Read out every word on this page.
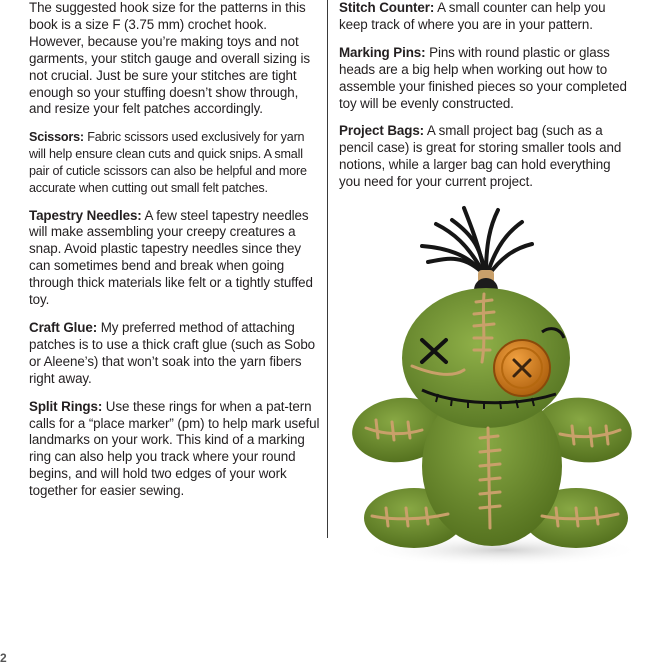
The suggested hook size for the patterns in this book is a size F (3.75 mm) crochet hook. However, because you’re making toys and not garments, your stitch gauge and overall sizing is not crucial. Just be sure your stitches are tight enough so your stuffing doesn’t show through, and resize your felt patches accordingly.

Scissors: Fabric scissors used exclusively for yarn will help ensure clean cuts and quick snips. A small pair of cuticle scissors can also be helpful and more accurate when cutting out small felt patches.

Tapestry Needles: A few steel tapestry needles will make assembling your creepy creatures a snap. Avoid plastic tapestry needles since they can sometimes bend and break when going through thick materials like felt or a tightly stuffed toy.

Craft Glue: My preferred method of attaching patches is to use a thick craft glue (such as Sobo or Aleene’s) that won’t soak into the yarn fibers right away.

Split Rings: Use these rings for when a pat-tern calls for a “place marker” (pm) to help mark useful landmarks on your work. This kind of a marking ring can also help you track where your round begins, and will hold two edges of your work together for easier sewing.

Stitch Counter: A small counter can help you keep track of where you are in your pattern.

Marking Pins: Pins with round plastic or glass heads are a big help when working out how to assemble your finished pieces so your completed toy will be evenly constructed.

Project Bags: A small project bag (such as a pencil case) is great for storing smaller tools and notions, while a larger bag can hold everything you need for your current project.

2
